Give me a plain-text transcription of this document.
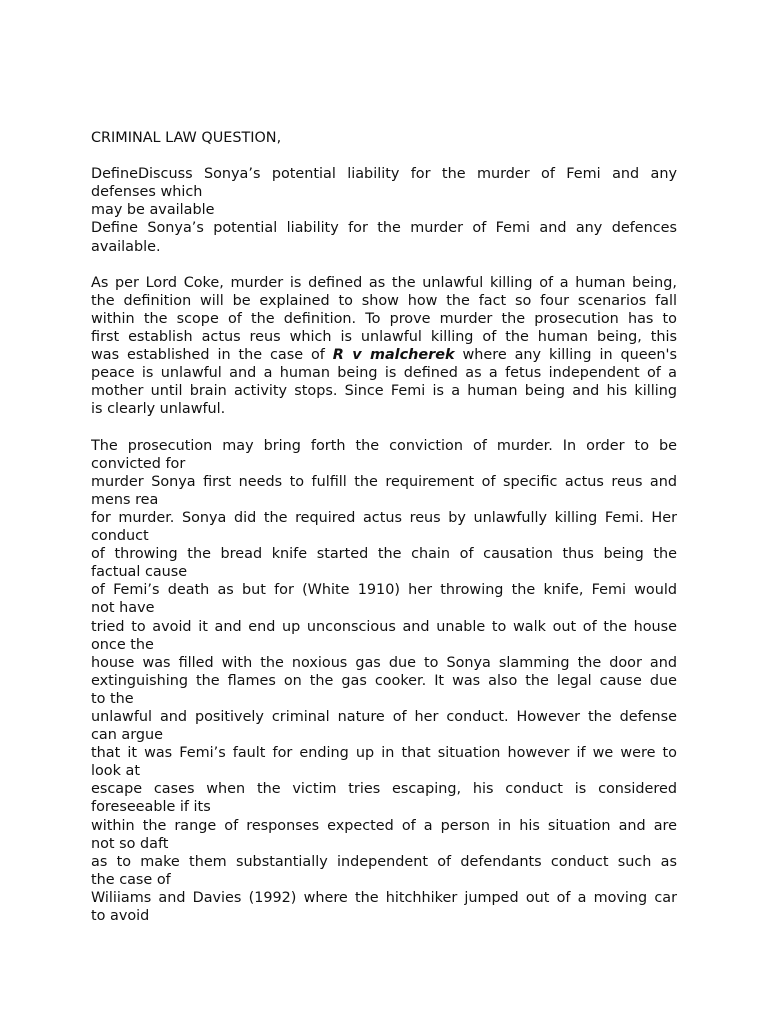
CRIMINAL LAW QUESTION,
DefineDiscuss Sonya’s potential liability for the murder of Femi and any
defenses which
may be available
Define Sonya’s potential liability for the murder of Femi and any defences
available.
As per Lord Coke, murder is defined as the unlawful killing of a human being,
the definition will be explained to show how the fact so four scenarios fall
within the scope of the definition. To prove murder the prosecution has to
first establish actus reus which is unlawful killing of the human being, this
was established in the case of R v malcherek where any killing in queen's
peace is unlawful and a human being is defined as a fetus independent of a
mother until brain activity stops. Since Femi is a human being and his killing
is clearly unlawful.
The prosecution may bring forth the conviction of murder. In order to be
convicted for
murder Sonya first needs to fulfill the requirement of specific actus reus and
mens rea
for murder. Sonya did the required actus reus by unlawfully killing Femi. Her
conduct
of throwing the bread knife started the chain of causation thus being the
factual cause
of Femi’s death as but for (White 1910) her throwing the knife, Femi would
not have
tried to avoid it and end up unconscious and unable to walk out of the house
once the
house was filled with the noxious gas due to Sonya slamming the door and
extinguishing the flames on the gas cooker. It was also the legal cause due
to the
unlawful and positively criminal nature of her conduct. However the defense
can argue
that it was Femi’s fault for ending up in that situation however if we were to
look at
escape cases when the victim tries escaping, his conduct is considered
foreseeable if its
within the range of responses expected of a person in his situation and are
not so daft
as to make them substantially independent of defendants conduct such as
the case of
Wiliiams and Davies (1992) where the hitchhiker jumped out of a moving car
to avoid
